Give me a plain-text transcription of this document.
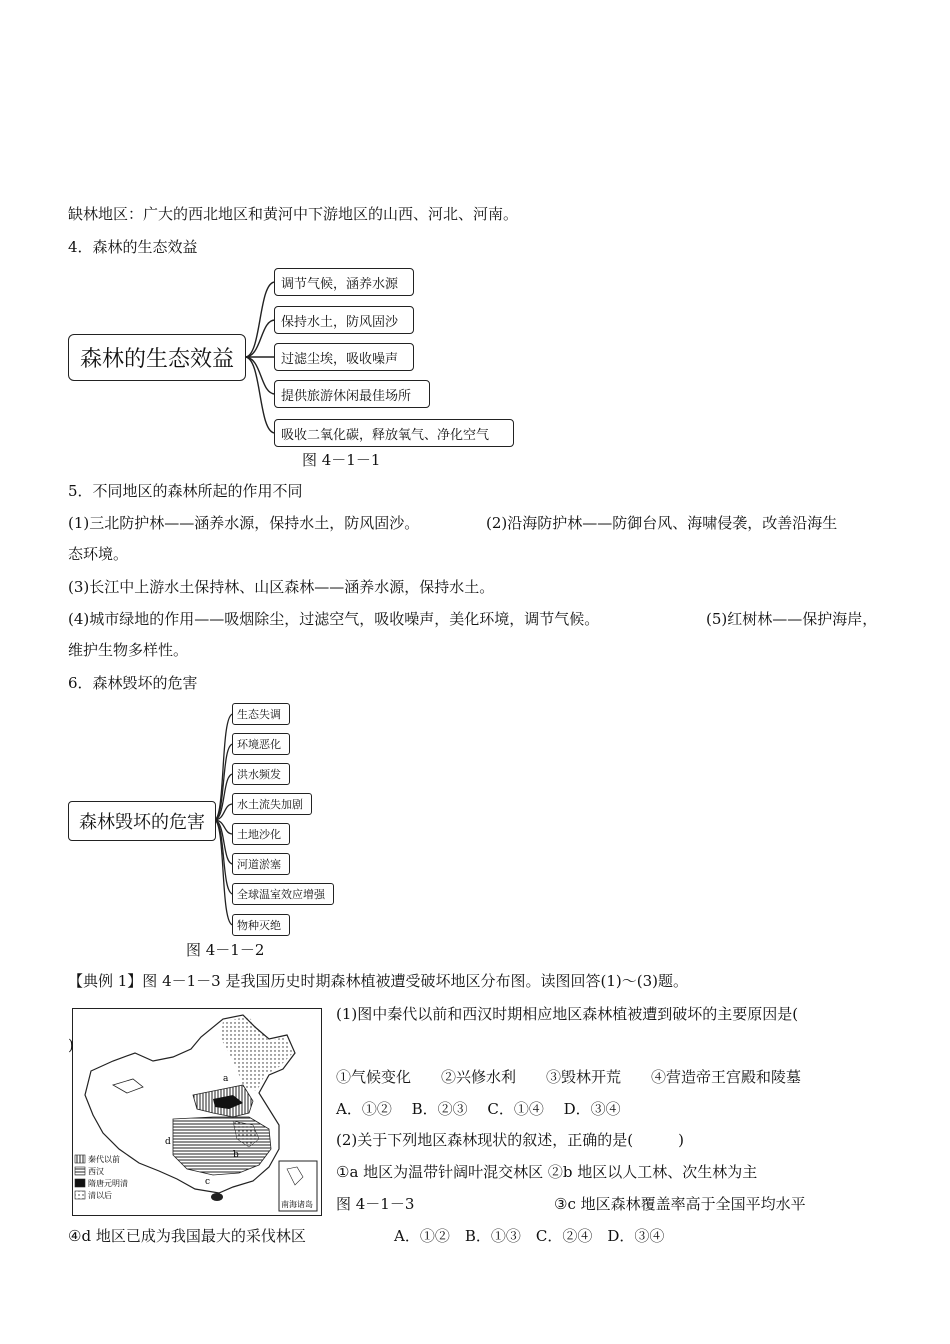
缺林地区：广大的西北地区和黄河中下游地区的山西、河北、河南。
4．森林的生态效益
森林的生态效益
调节气候，涵养水源
保持水土，防风固沙
过滤尘埃，吸收噪声
提供旅游休闲最佳场所
吸收二氧化碳，释放氧气、净化空气
图 4－1－1
5．不同地区的森林所起的作用不同
(1)三北防护林——涵养水源，保持水土，防风固沙。	(2)沿海防护林——防御台风、海啸侵袭，改善沿海生
态环境。
(3)长江中上游水土保持林、山区森林——涵养水源，保持水土。
(4)城市绿地的作用——吸烟除尘，过滤空气，吸收噪声，美化环境，调节气候。	(5)红树林——保护海岸，
维护生物多样性。
6．森林毁坏的危害
森林毁坏的危害
生态失调
环境恶化
洪水频发
水土流失加剧
土地沙化
河道淤塞
全球温室效应增强
物种灭绝
图 4－1－2
【典例 1】图 4－1－3 是我国历史时期森林植被遭受破坏地区分布图。读图回答(1)～(3)题。
d
b
a
c
南海诸岛
秦代以前
西汉
隋唐元明清
清以后
(1)图中秦代以前和西汉时期相应地区森林植被遭到破坏的主要原因是(
)
①气候变化　　②兴修水利　　③毁林开荒　　④营造帝王宫殿和陵墓
A．①②　 B．②③　 C．①④　 D．③④
(2)关于下列地区森林现状的叙述，正确的是(　　　)
①a 地区为温带针阔叶混交林区 ②b 地区以人工林、次生林为主
图 4－1－3	③c 地区森林覆盖率高于全国平均水平
④d 地区已成为我国最大的采伐林区	A．①②　B．①③　C．②④　D．③④
